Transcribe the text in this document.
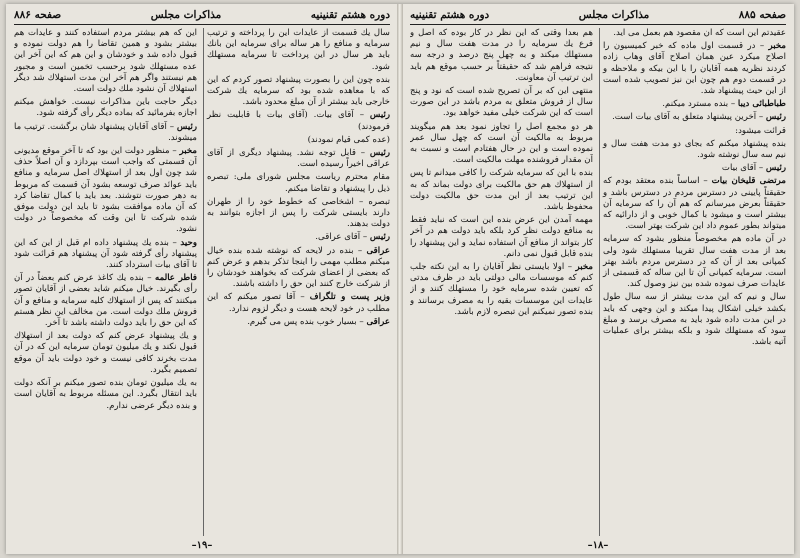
دوره هشتم تقنینیه
مذاکرات مجلس
صفحه ۸۸۶

سال يك قسمت از عايدات اين را پرداخته و ترتيب سرمايه و منافع را هر ساله براى سرمايه اين بانك بايد هر سال در اين پرداخت تا سرمايه مستهلك شود.

بنده چون اين را بصورت پيشنهاد تصور کردم که اين که با معاهده شده بود که سرمايه يك شرکت خارجى بايد بيشتر از آن مبلغ محدود باشد.

رئيس – آقاى بيات. (آقاى بيات با قابليت نظر فرمودند)

(عده کمى قيام نمودند)

رئيس – قابل توجه نشد. پيشنهاد ديگرى از آقاى عراقى اخيراً رسيده است.

مقام محترم رياست مجلس شوراى ملى: تبصره ذيل را پيشنهاد و تقاضا ميکنم.

تبصره – اشخاصى که خطوط خود را از طهران دارند بايستى شرکت را پس از اجازه بتوانند به دولت بدهند.

رئيس – آقاى عراقى.

عراقى – بنده در لايحه که نوشته شده بنده خيال ميکنم مطلب مهمى را اينجا تذکر بدهم و عرض کنم که بعضى از اعضاى شرکت که بخواهند خودشان را از شرکت خارج کنند اين حق را داشته باشند.

وزير پست و تلگراف – آقا تصور ميکنم که اين مطلب در خود لايحه هست و ديگر لزوم ندارد.

عراقى – بسيار خوب بنده پس مى گيرم.

اين که هم بيشتر مردم استفاده کنند و عايدات هم بيشتر بشود و همين تقاضا را هم دولت نموده و قبول داده شد و خودشان و اين هم که اين آخر اين عده مستهلك شود برحسب تخمين است و مجبور هم نيستند واگر هم آخر اين مدت استهلاك شد ديگر استهلاك آن نشود ملك دولت است.

ديگر حاجت باين مذاکرات نيست. خواهش ميکنم اجازه بفرمائيد که بماده ديگر رأى گرفته شود.

رئيس – آقاى آقايان پيشنهاد شان برگشت. ترتيب ما ميشوند.

مخبر – منظور دولت اين بود که تا آخر موقع مديونى آن قسمتى که واجب است بپردازد و آن اصلاً حذف شد چون اول بعد از استهلاك اصل سرمايه و منافع بايد عوائد صرف توسعه بشود آن قسمت که مربوط به دهر صورت نتوشند. بعد بايد با کمال تقاضا کرد که آن ماده موافقت بشود تا بايد اين دولت موفق شده شرکت تا اين وقت که مخصوصاً در دولت نشود.

وحيد – بنده يك پيشنهاد داده ام قبل از اين که اين پيشنهاد رأى گرفته شود آن پيشنهاد هم قرائت شود تا آقاى بيات استرداد کنند.

فاطر عالمه – بنده يك کاغذ عرض کنم بعضاً در آن رأى بگيرند. خيال ميکنم شايد بعضى از آقايان تصور ميکنند که پس از استهلاك کليه سرمايه و منافع و آن فروش ملك دولت است. من مخالف اين نظر هستم که اين حق را بايد دولت داشته باشد تا آخر.

و يك پيشنهاد عرض کنم که دولت بعد از استهلاك قبول نکند و يك ميليون تومان سرمايه اين که در آن مدت بخرند کافى نيست و خود دولت بايد آن موقع تصميم بگيرد.

به يك ميليون تومان بنده تصور ميکنم بر آنکه دولت بايد انتقال بگيرد. اين مسئله مربوط به آقايان است و بنده ديگر عرضى ندارم.

–۱۹–
صفحه ۸۸۵
مذاکرات مجلس
دوره هشتم تقنينيه

عقيدتم اين است که آن مقصود هم بعمل مى آيد.

مخبر – در قسمت اول ماده که خبر کميسيون را اصلاح ميکرد عين همان اصلاح آقاى وهاب زاده کردند نظريه همه آقايان را با اين بيکه و ملاحظه و در قسمت دوم هم چون اين نيز تصويب شده است از اين حيث پيشنهاد شد.

طباطبائى ديبا – بنده مسترد ميکنم.

رئيس – آخرين پيشنهاد متعلق به آقاى بيات است.

قرائت ميشود:

بنده پيشنهاد ميکنم که بجاى دو مدت هفت سال و نيم سه سال نوشته شود.

رئيس – آقاى بيات

مرتضى قليخان بيات – اساساً بنده معتقد بودم که حقيقتاً پايينى در دسترس مردم در دسترس باشد و حقيقتاً بعرض ميرسانم که هم آن را که سرمايه آن بيشتر است و ميشود با کمال خوبى و از دارائيه که ميتواند بطور عموم داد اين شرکت بهتر است.

در آن ماده هم مخصوصاً منظور بشود که سرمايه بعد از مدت هفت سال تقريبا مستهلك شود ولى کمپانى بعد از آن که در دسترس مردم باشد بهتر است. سرمايه کمپانى آن تا اين ساله که قسمتى از عايدات صرف نموده شده بين نيز وصول کند.

سال و نيم که اين مدت بيشتر از سه سال طول بکشد خيلى اشکال پيدا ميکند و اين وجهى که بايد در اين مدت داده شود بايد به مصرف برسد و مبلغ سود که مستهلك شود و بلکه بيشتر براى عمليات آتيه باشد.

هم بعدا وقتى که اين نظر در کار بوده که اصل و فرع يك سرمايه را در مدت هفت سال و نيم مستهلك ميکند و به چهل پنج درصد و درجه سه نتيجه فراهم شد که حقيقتاً بر حسب موقع هم بايد اين ترتيب آن معاونت.

منتهى اين که بر آن تصريح شده است که نود و پنج سال از فروش متعلق به مردم باشد در اين صورت است که اين شرکت خيلى مفيد خواهد بود.

هر دو مجمع اصل را تجاوز نمود بعد هم ميگويند مربوط به مالکيت آن است که چهل سال عمر نموده است و اين در حال هفتادم است و نسبت به آن مقدار فروشنده مهلت مالکيت است.

بنده با اين که سرمايه شرکت را کافى ميدانم تا پس از استهلاك هم حق مالکيت براى دولت بماند که به اين ترتيب بعد از اين مدت حق مالکيت دولت محفوظ باشد.

مهمه آمدن اين عرض بنده اين است که نبايد فقط به منافع دولت نظر کرد بلکه بايد دولت هم در آخر کار بتواند از منافع آن استفاده نمايد و اين پيشنهاد را بنده قابل قبول نمى دانم.

مخبر – اولا بايستى نظر آقايان را به اين نکته جلب کنم که موسسات مالى دولتى بايد در ظرف مدتى که تعيين شده سرمايه خود را مستهلك کنند و از عايدات اين موسسات بقيه را به مصرف برسانند و بنده تصور نميکنم اين تبصره لازم باشد.

–۱۸–
